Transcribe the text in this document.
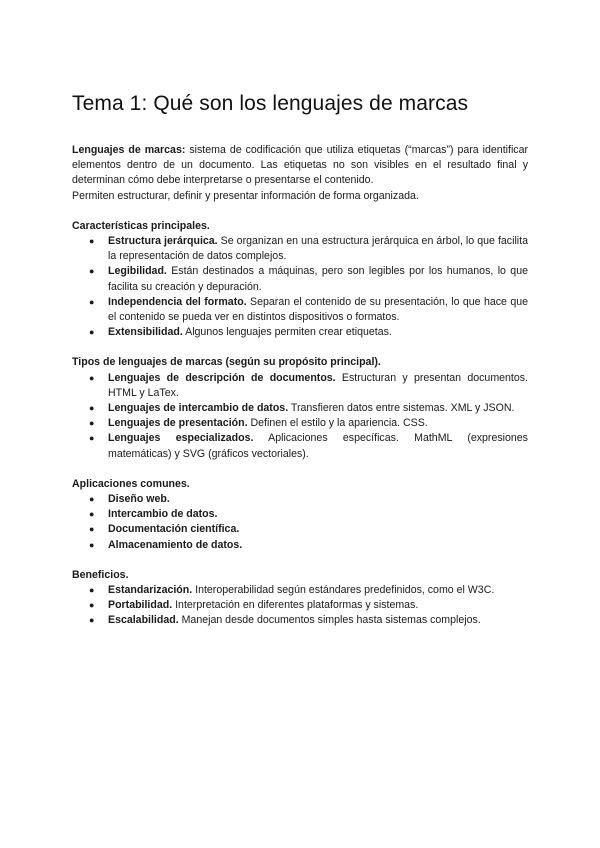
Tema 1: Qué son los lenguajes de marcas

Lenguajes de marcas: sistema de codificación que utiliza etiquetas (“marcas”) para identificar elementos dentro de un documento. Las etiquetas no son visibles en el resultado final y determinan cómo debe interpretarse o presentarse el contenido.

Permiten estructurar, definir y presentar información de forma organizada.

Características principales.

● Estructura jerárquica. Se organizan en una estructura jerárquica en árbol, lo que facilita la representación de datos complejos.
● Legibilidad. Están destinados a máquinas, pero son legibles por los humanos, lo que facilita su creación y depuración.
● Independencia del formato. Separan el contenido de su presentación, lo que hace que el contenido se pueda ver en distintos dispositivos o formatos.
● Extensibilidad. Algunos lenguajes permiten crear etiquetas.

Tipos de lenguajes de marcas (según su propósito principal).

● Lenguajes de descripción de documentos. Estructuran y presentan documentos. HTML y LaTex.
● Lenguajes de intercambio de datos. Transfieren datos entre sistemas. XML y JSON.
● Lenguajes de presentación. Definen el estilo y la apariencia. CSS.
● Lenguajes especializados. Aplicaciones específicas. MathML (expresiones matemáticas) y SVG (gráficos vectoriales).

Aplicaciones comunes.

● Diseño web.
● Intercambio de datos.
● Documentación científica.
● Almacenamiento de datos.

Beneficios.

● Estandarización. Interoperabilidad según estándares predefinidos, como el W3C.
● Portabilidad. Interpretación en diferentes plataformas y sistemas.
● Escalabilidad. Manejan desde documentos simples hasta sistemas complejos.
